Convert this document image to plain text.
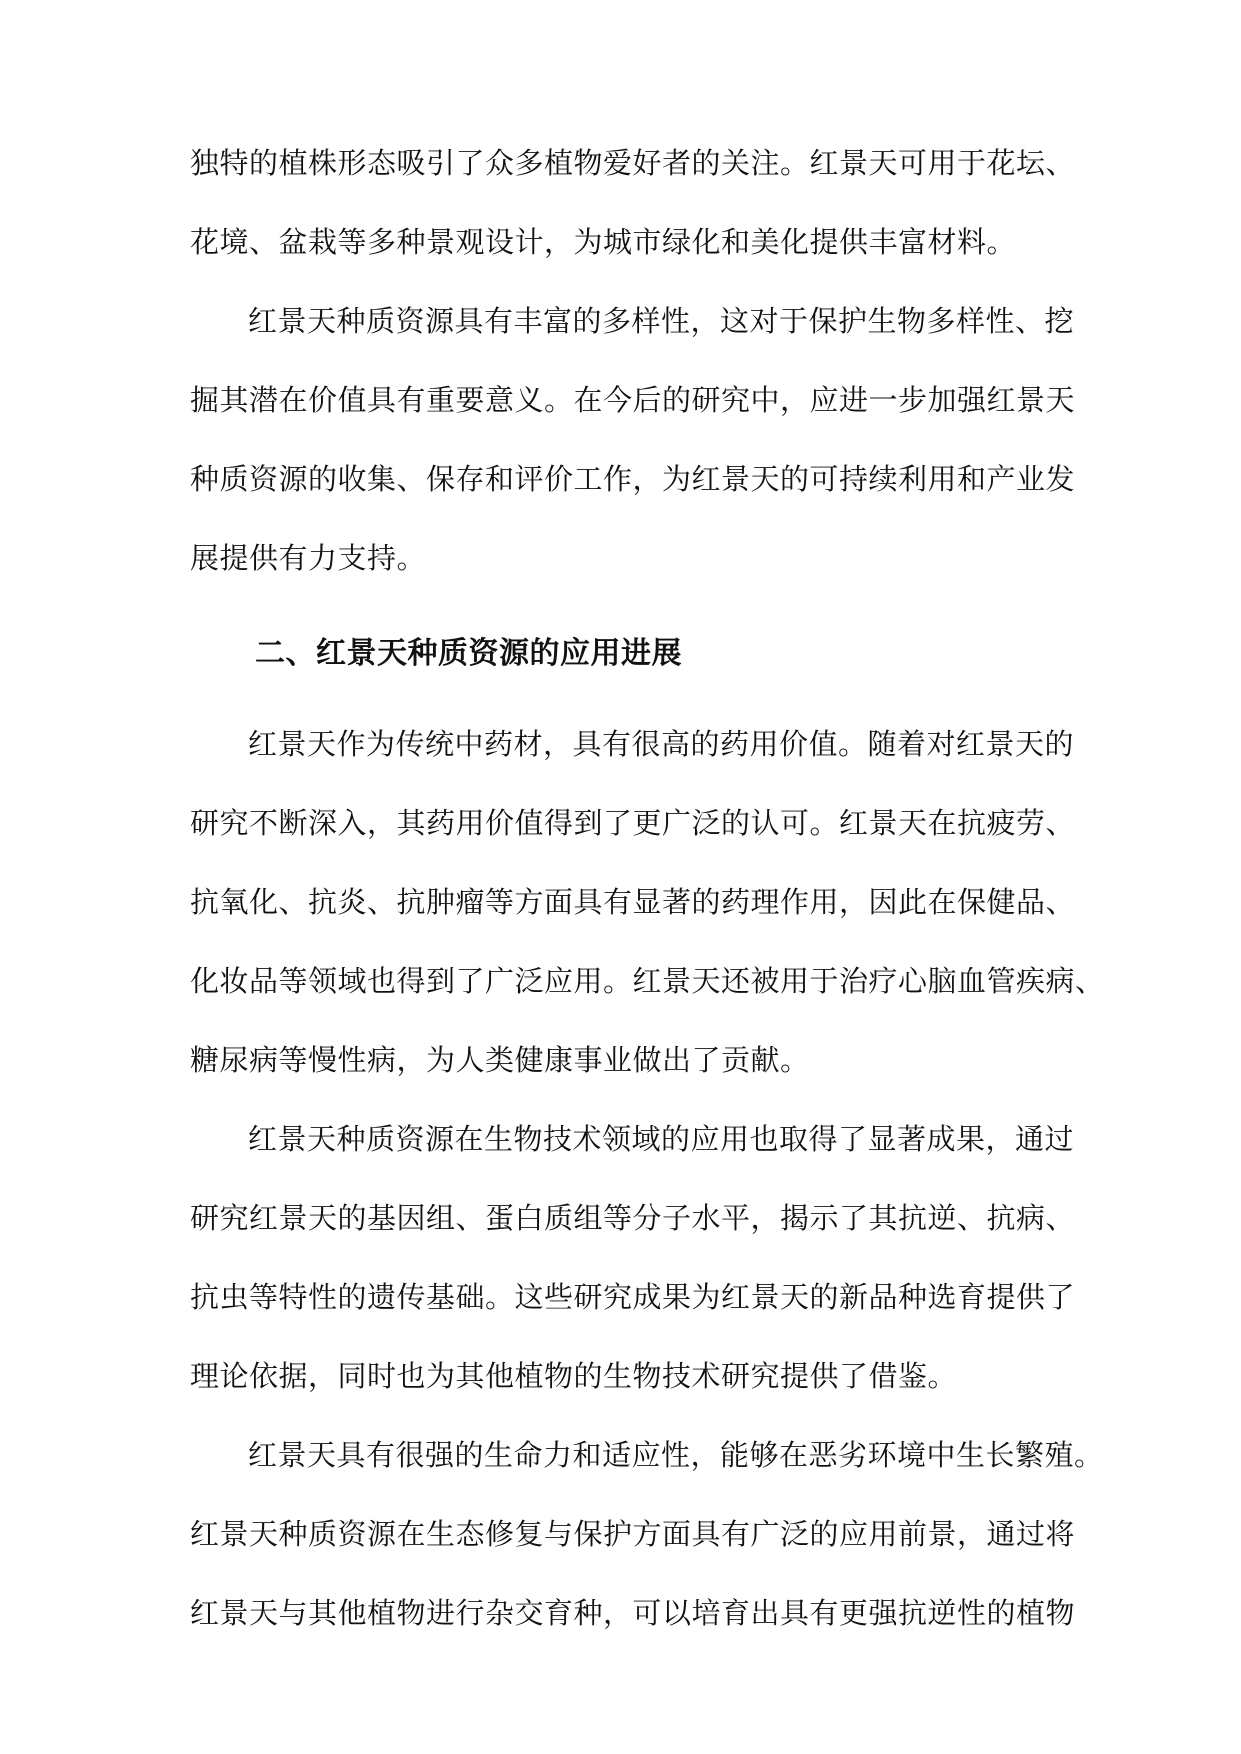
独特的植株形态吸引了众多植物爱好者的关注。红景天可用于花坛、
花境、盆栽等多种景观设计，为城市绿化和美化提供丰富材料。
红景天种质资源具有丰富的多样性，这对于保护生物多样性、挖
掘其潜在价值具有重要意义。在今后的研究中，应进一步加强红景天
种质资源的收集、保存和评价工作，为红景天的可持续利用和产业发
展提供有力支持。
二、红景天种质资源的应用进展
红景天作为传统中药材，具有很高的药用价值。随着对红景天的
研究不断深入，其药用价值得到了更广泛的认可。红景天在抗疲劳、
抗氧化、抗炎、抗肿瘤等方面具有显著的药理作用，因此在保健品、
化妆品等领域也得到了广泛应用。红景天还被用于治疗心脑血管疾病、
糖尿病等慢性病，为人类健康事业做出了贡献。
红景天种质资源在生物技术领域的应用也取得了显著成果，通过
研究红景天的基因组、蛋白质组等分子水平，揭示了其抗逆、抗病、
抗虫等特性的遗传基础。这些研究成果为红景天的新品种选育提供了
理论依据，同时也为其他植物的生物技术研究提供了借鉴。
红景天具有很强的生命力和适应性，能够在恶劣环境中生长繁殖。
红景天种质资源在生态修复与保护方面具有广泛的应用前景，通过将
红景天与其他植物进行杂交育种，可以培育出具有更强抗逆性的植物
